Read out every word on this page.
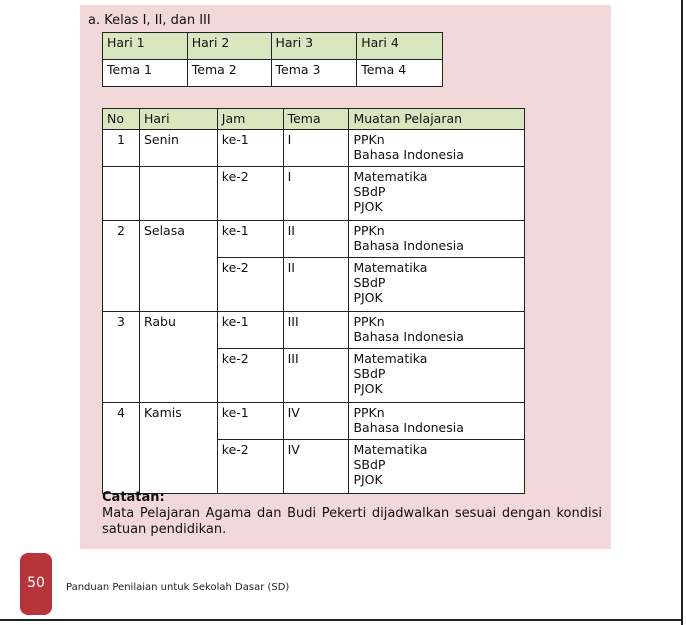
a. Kelas I, II, dan III
Hari 1	Hari 2	Hari 3	Hari 4
Tema 1	Tema 2	Tema 3	Tema 4
No	Hari	Jam	Tema	Muatan Pelajaran
1	Senin	ke-1	I	PPKn
Bahasa Indonesia

		ke-2	I	Matematika
SBdP
PJOK

2	Selasa	ke-1	II	PPKn
Bahasa Indonesia

		ke-2	II	Matematika
SBdP
PJOK

3	Rabu	ke-1	III	PPKn
Bahasa Indonesia

		ke-2	III	Matematika
SBdP
PJOK

4	Kamis	ke-1	IV	PPKn
Bahasa Indonesia

		ke-2	IV	Matematika
SBdP
PJOK
Catatan:
Mata Pelajaran Agama dan Budi Pekerti dijadwalkan sesuai dengan kondisi satuan pendidikan.
50	Panduan Penilaian untuk Sekolah Dasar (SD)
